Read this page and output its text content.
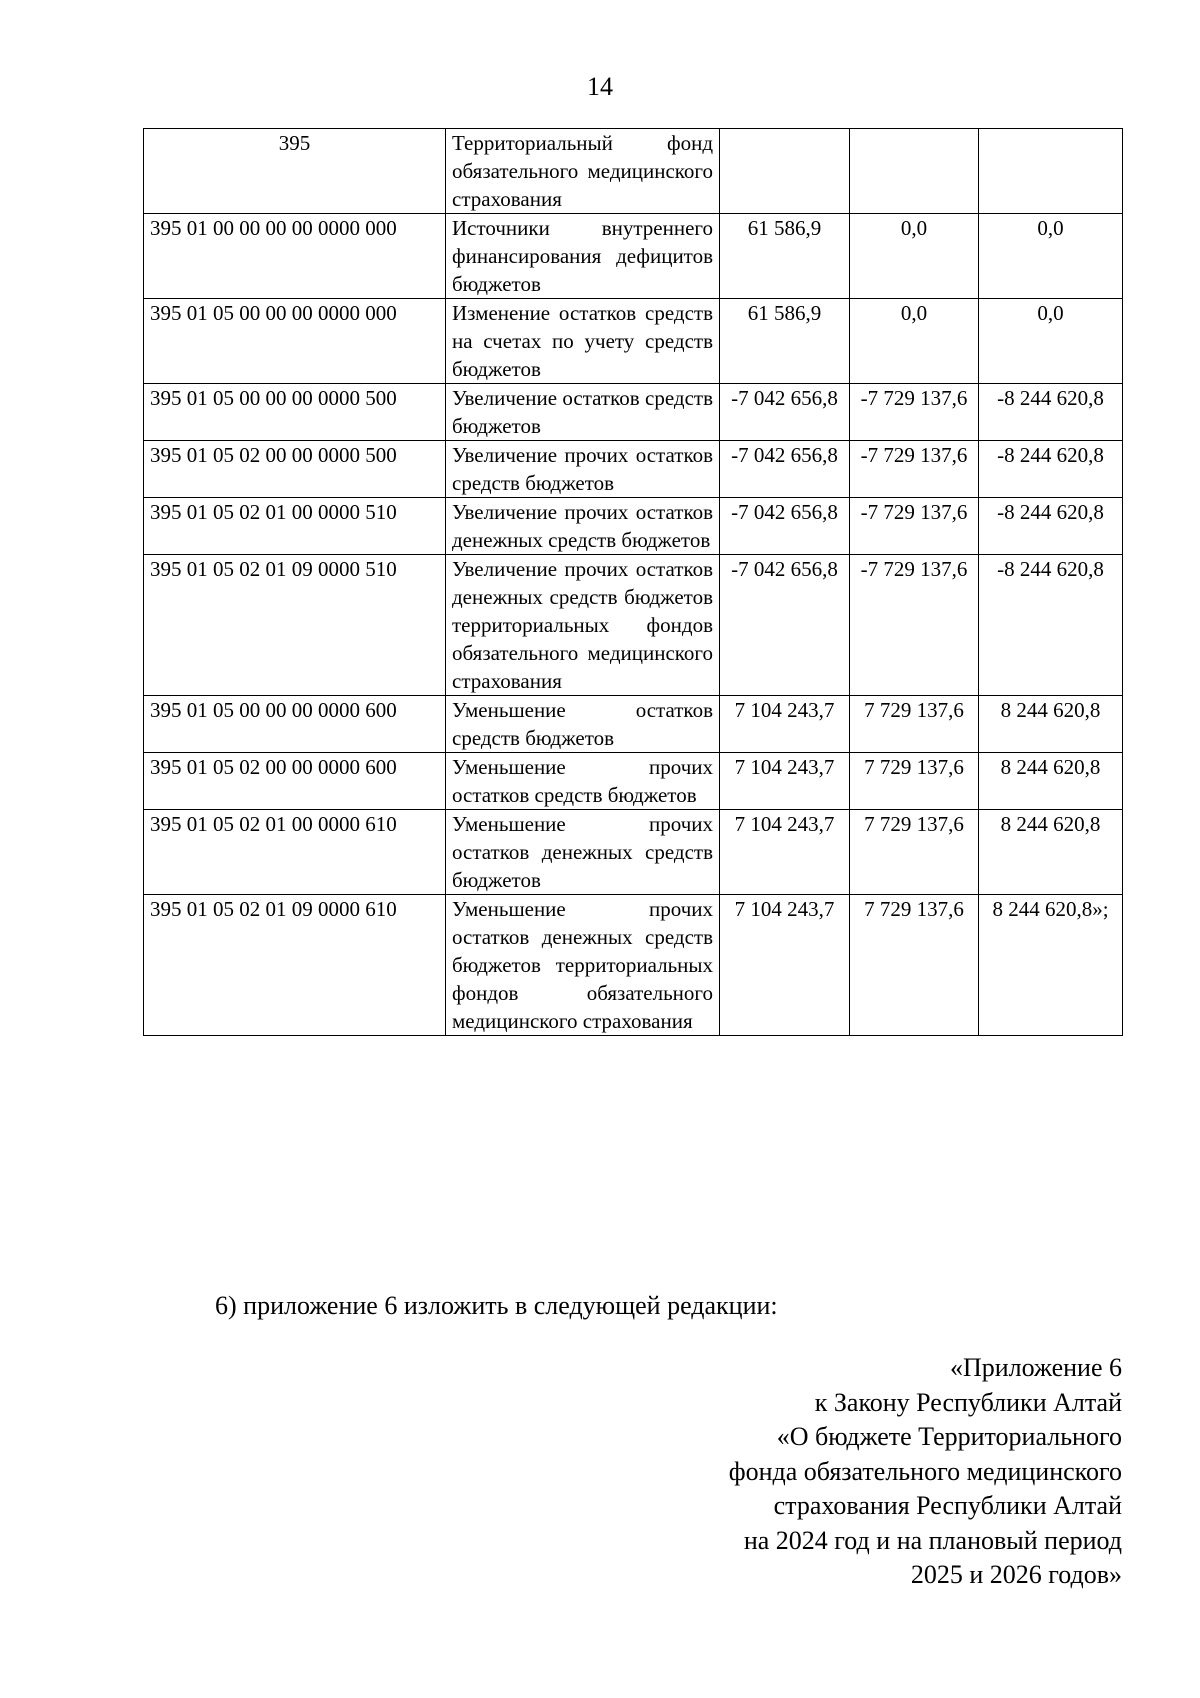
14
395	Территориальный фонд обязательного медицинского страхования			
395 01 00 00 00 00 0000 000	Источники внутреннего финансирования дефицитов бюджетов	61 586,9	0,0	0,0
395 01 05 00 00 00 0000 000	Изменение остатков средств на счетах по учету средств бюджетов	61 586,9	0,0	0,0
395 01 05 00 00 00 0000 500	Увеличение остатков средств бюджетов	-7 042 656,8	-7 729 137,6	-8 244 620,8
395 01 05 02 00 00 0000 500	Увеличение прочих остатков средств бюджетов	-7 042 656,8	-7 729 137,6	-8 244 620,8
395 01 05 02 01 00 0000 510	Увеличение прочих остатков денежных средств бюджетов	-7 042 656,8	-7 729 137,6	-8 244 620,8
395 01 05 02 01 09 0000 510	Увеличение прочих остатков денежных средств бюджетов территориальных фондов обязательного медицинского страхования	-7 042 656,8	-7 729 137,6	-8 244 620,8
395 01 05 00 00 00 0000 600	Уменьшение остатков средств бюджетов	7 104 243,7	7 729 137,6	8 244 620,8
395 01 05 02 00 00 0000 600	Уменьшение прочих остатков средств бюджетов	7 104 243,7	7 729 137,6	8 244 620,8
395 01 05 02 01 00 0000 610	Уменьшение прочих остатков денежных средств бюджетов	7 104 243,7	7 729 137,6	8 244 620,8
395 01 05 02 01 09 0000 610	Уменьшение прочих остатков денежных средств бюджетов территориальных фондов обязательного медицинского страхования	7 104 243,7	7 729 137,6	8 244 620,8»;
6) приложение 6 изложить в следующей редакции:
«Приложение 6
к Закону Республики Алтай
«О бюджете Территориального
фонда обязательного медицинского
страхования Республики Алтай
на 2024 год и на плановый период
2025 и 2026 годов»
